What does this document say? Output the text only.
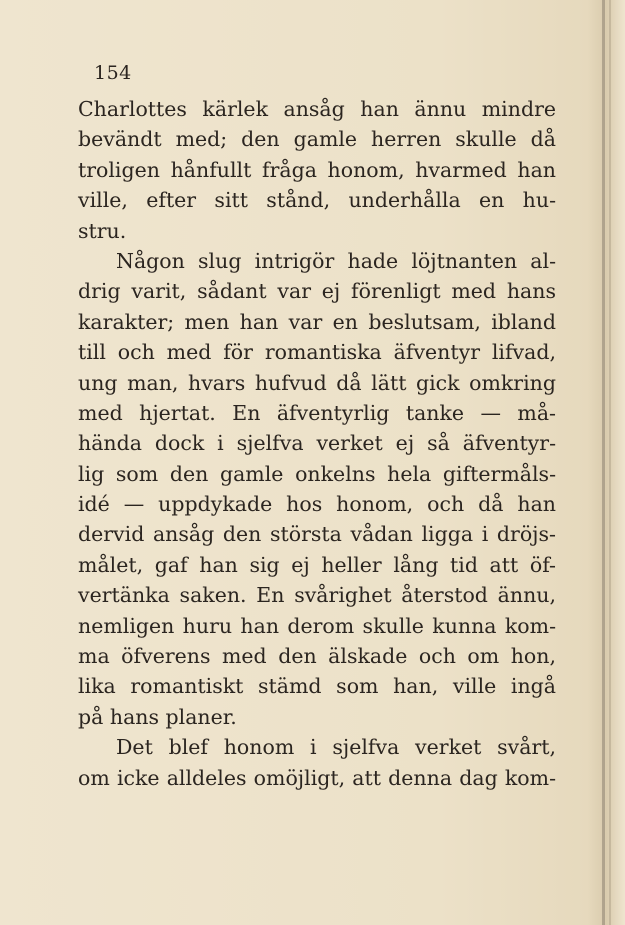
154
Charlottes kärlek ansåg han ännu mindre
bevändt med; den gamle herren skulle då
troligen hånfullt fråga honom, hvarmed han
ville, efter sitt stånd, underhålla en hu-
stru.
Någon slug intrigör hade löjtnanten al-
drig varit, sådant var ej förenligt med hans
karakter; men han var en beslutsam, ibland
till och med för romantiska äfventyr lifvad,
ung man, hvars hufvud då lätt gick omkring
med hjertat. En äfventyrlig tanke — må-
hända dock i sjelfva verket ej så äfventyr-
lig som den gamle onkelns hela giftermåls-
idé — uppdykade hos honom, och då han
dervid ansåg den största vådan ligga i dröjs-
målet, gaf han sig ej heller lång tid att öf-
vertänka saken. En svårighet återstod ännu,
nemligen huru han derom skulle kunna kom-
ma öfverens med den älskade och om hon,
lika romantiskt stämd som han, ville ingå
på hans planer.
Det blef honom i sjelfva verket svårt,
om icke alldeles omöjligt, att denna dag kom-
